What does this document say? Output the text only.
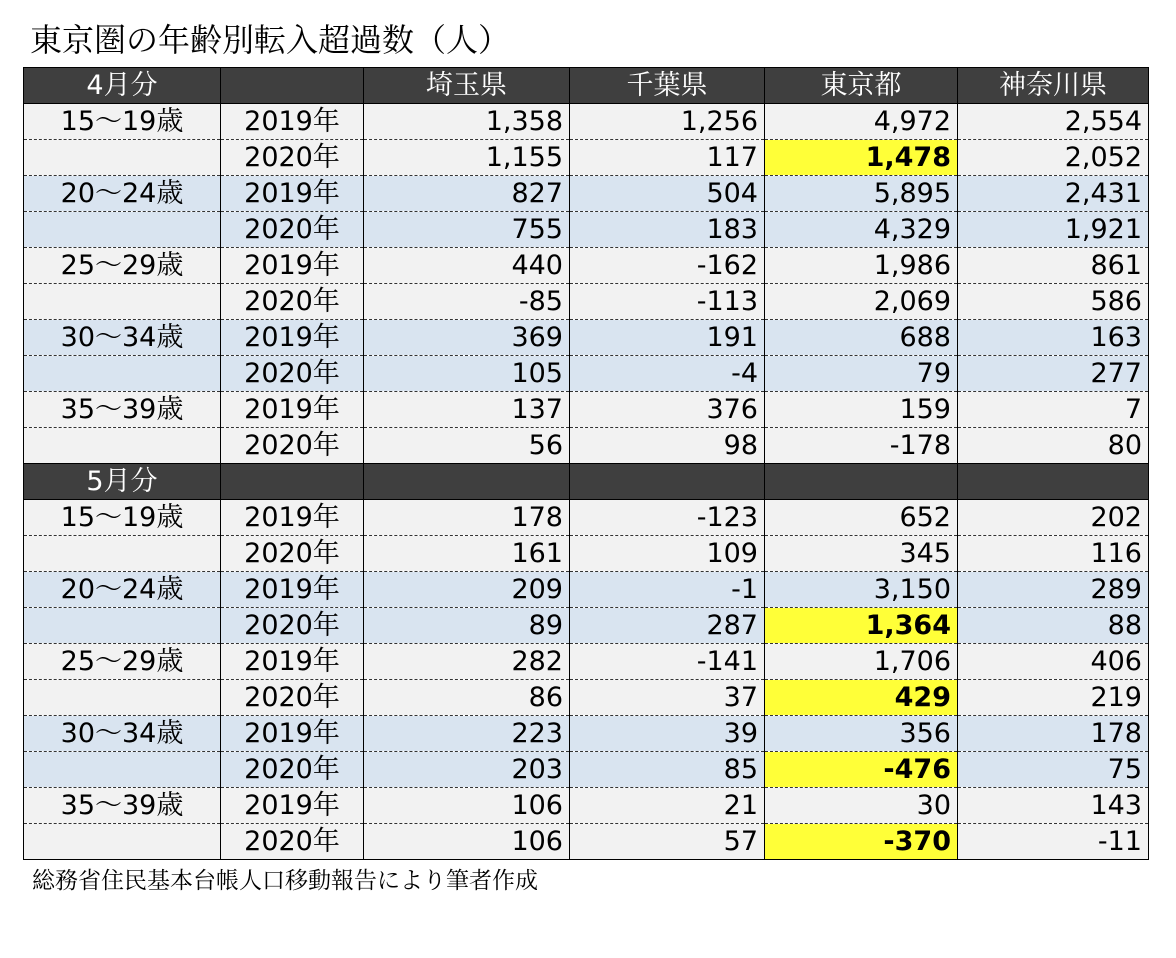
東京圏の年齢別転入超過数（人）
4月分		埼玉県	千葉県	東京都	神奈川県
15〜19歳	2019年	1,358	1,256	4,972	2,554
	2020年	1,155	117	1,478	2,052
20〜24歳	2019年	827	504	5,895	2,431
	2020年	755	183	4,329	1,921
25〜29歳	2019年	440	-162	1,986	861
	2020年	-85	-113	2,069	586
30〜34歳	2019年	369	191	688	163
	2020年	105	-4	79	277
35〜39歳	2019年	137	376	159	7
	2020年	56	98	-178	80
5月分					
15〜19歳	2019年	178	-123	652	202
	2020年	161	109	345	116
20〜24歳	2019年	209	-1	3,150	289
	2020年	89	287	1,364	88
25〜29歳	2019年	282	-141	1,706	406
	2020年	86	37	429	219
30〜34歳	2019年	223	39	356	178
	2020年	203	85	-476	75
35〜39歳	2019年	106	21	30	143
	2020年	106	57	-370	-11
総務省住民基本台帳人口移動報告により筆者作成
